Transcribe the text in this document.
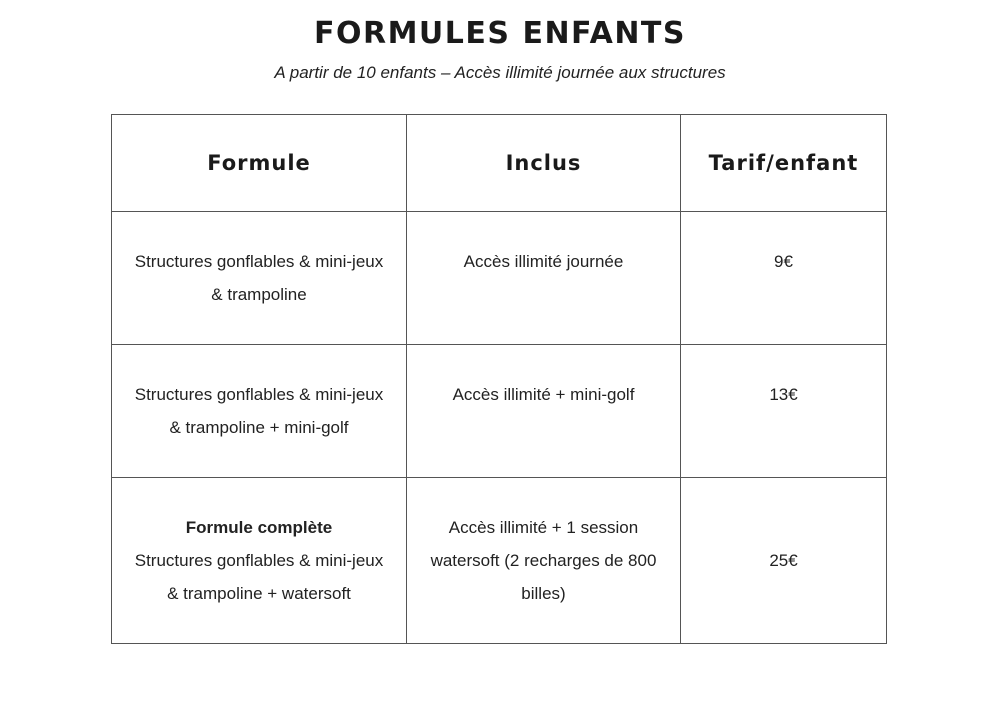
FORMULES ENFANTS

A partir de 10 enfants – Accès illimité journée aux structures

Formule	Inclus	Tarif/enfant

Structures gonflables & mini-jeux
& trampoline	Accès illimité journée	9€

Structures gonflables & mini-jeux
& trampoline + mini-golf	Accès illimité + mini-golf	13€

Formule complète
Structures gonflables & mini-jeux
& trampoline + watersoft	Accès illimité + 1 session
watersoft (2 recharges de 800
billes)	25€
